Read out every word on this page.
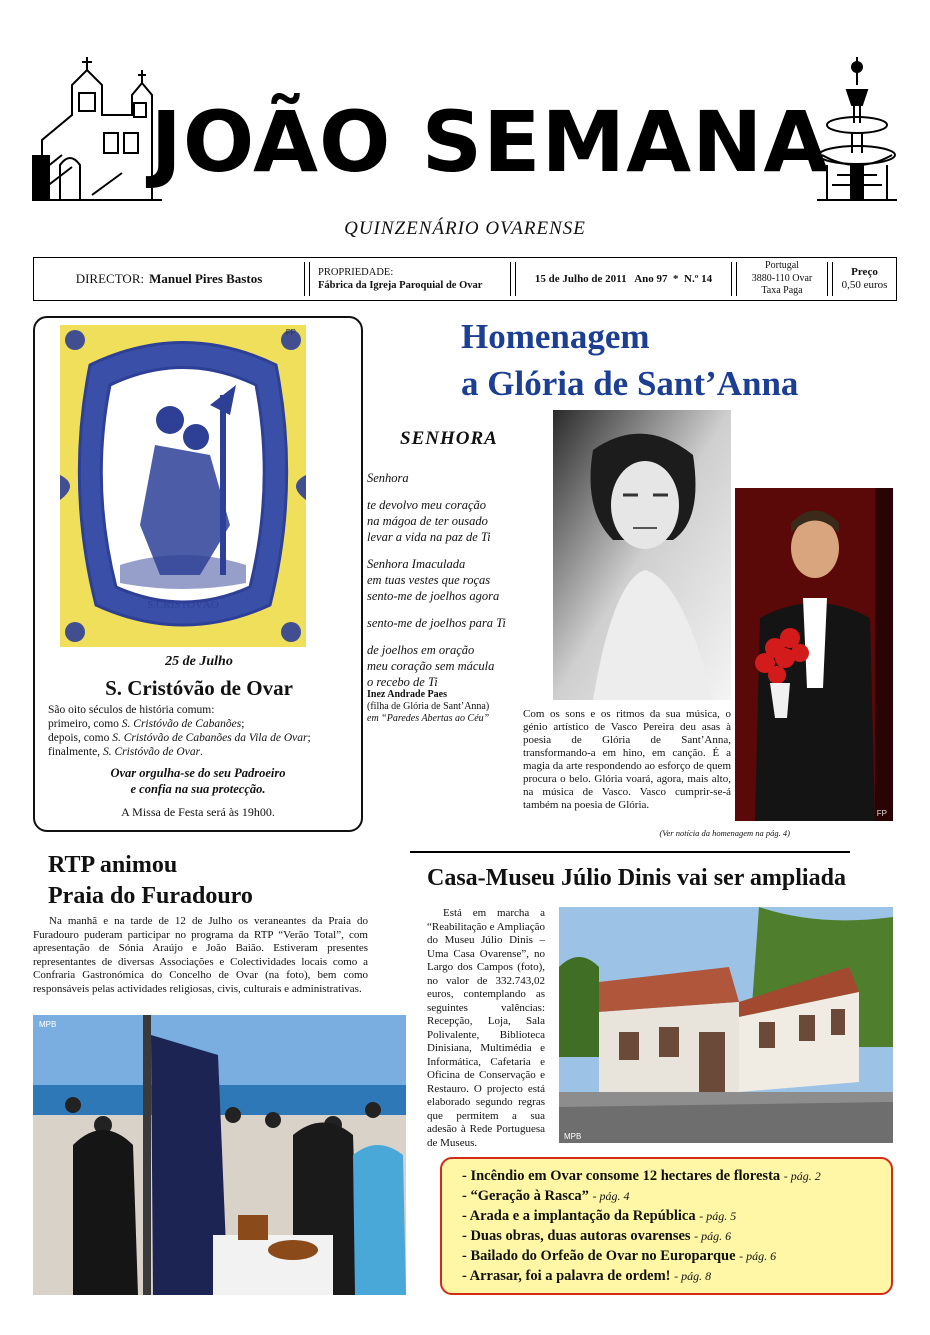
JOÃO SEMANA
QUINZENÁRIO OVARENSE
DIRECTOR: Manuel Pires Bastos	PROPRIEDADE:
Fábrica da Igreja Paroquial de Ovar
15 de Julho de 2011   Ano 97  *  N.º 14
Portugal
3880-110 Ovar
Taxa Paga
Preço
0,50 euros
S.CRISTOVÃO
FP
25 de Julho
S. Cristóvão de Ovar
São oito séculos de história comum:
primeiro, como S. Cristóvão de Cabanões;
depois, como S. Cristóvão de Cabanões da Vila de Ovar;
finalmente, S. Cristóvão de Ovar.
Ovar orgulha-se do seu Padroeiro
e confia na sua protecção.
A Missa de Festa será às 19h00.
Homenagem
a Glória de Sant’Anna
SENHORA

Senhora

te devolvo meu coração
na mágoa de ter ousado
levar a vida na paz de Ti

Senhora Imaculada
em tuas vestes que roças
sento-me de joelhos agora

sento-me de joelhos para Ti

de joelhos em oração
meu coração sem mácula
o recebo de Ti

Inez Andrade Paes
(filha de Glória de Sant’Anna)
em “Paredes Abertas ao Céu”
FP
Com os sons e os ritmos da sua música, o génio artístico de Vasco Pereira deu asas à poesia de Glória de Sant’Anna, transformando-a em hino, em canção. É a magia da arte respondendo ao esforço de quem procura o belo. Glória voará, agora, mais alto, na música de Vasco. Vasco cumprir-se-á também na poesia de Glória.
(Ver notícia da homenagem na pág. 4)
RTP animou
Praia do Furadouro
Na manhã e na tarde de 12 de Julho os veraneantes da Praia do Furadouro puderam participar no programa da RTP “Verão Total”, com apresentação de Sónia Araújo e João Baião. Estiveram presentes representantes de diversas Associações e Colectividades locais como a Confraria Gastronómica do Concelho de Ovar (na foto), bem como responsáveis pelas actividades religiosas, civis, culturais e administrativas.
MPB
Casa-Museu Júlio Dinis vai ser ampliada
Está em marcha a “Reabilitação e Ampliação do Museu Júlio Dinis – Uma Casa Ovarense”, no Largo dos Campos (foto), no valor de 332.743,02 euros, contemplando as seguintes valências: Recepção, Loja, Sala Polivalente, Biblioteca Dinisiana, Multimédia e Informática, Cafetaria e Oficina de Conservação e Restauro. O projecto está elaborado segundo regras que permitem a sua adesão à Rede Portuguesa de Museus.	MPB
- Incêndio em Ovar consome 12 hectares de floresta - pág. 2
- “Geração à Rasca” - pág. 4
- Arada e a implantação da República - pág. 5
- Duas obras, duas autoras ovarenses - pág. 6
- Bailado do Orfeão de Ovar no Europarque - pág. 6
- Arrasar, foi a palavra de ordem! - pág. 8
